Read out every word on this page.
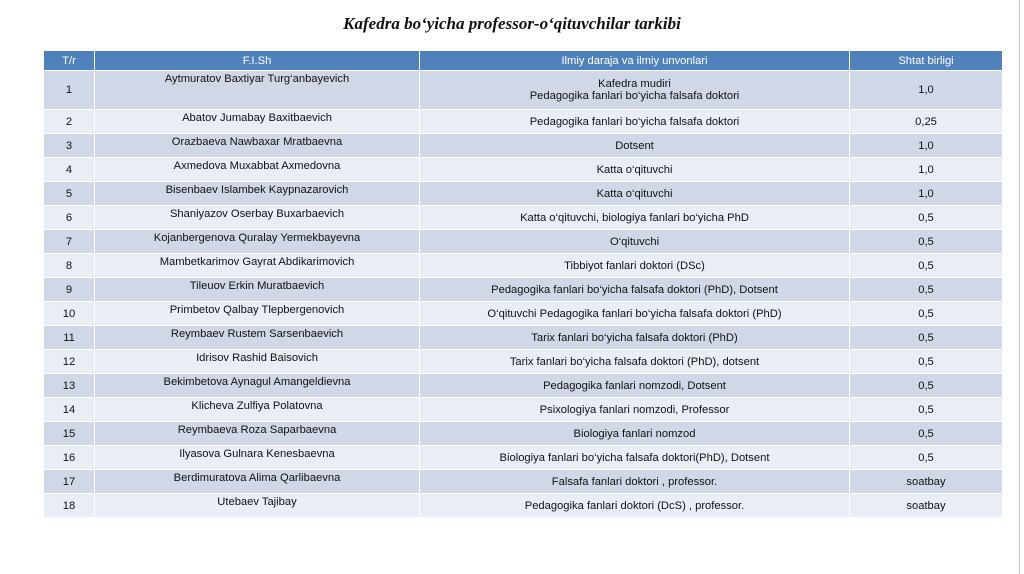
Kafedra bo‘yicha professor-o‘qituvchilar tarkibi
T/r	F.I.Sh	Ilmiy daraja va ilmiy unvonlari	Shtat birligi
1	Aytmuratov Baxtiyar Turg‘anbayevich	Kafedra mudiri
Pedagogika fanlari bo‘yicha falsafa doktori	1,0
2	Abatov Jumabay Baxitbaevich	Pedagogika fanlari bo‘yicha falsafa doktori	0,25
3	Orazbaeva Nawbaxar Mratbaevna	Dotsent	1,0
4	Axmedova Muxabbat Axmedovna	Katta o‘qituvchi	1,0
5	Bisenbaev Islambek Kaypnazarovich	Katta o‘qituvchi	1,0
6	Shaniyazov Oserbay Buxarbaevich	Katta o‘qituvchi, biologiya fanlari bo‘yicha PhD	0,5
7	Kojanbergenova Quralay Yermekbayevna	O‘qituvchi	0,5
8	Mambetkarimov Gayrat Abdikarimovich	Tibbiyot fanlari doktori (DSc)	0,5
9	Tileuov Erkin Muratbaevich	Pedagogika fanlari bo‘yicha falsafa doktori (PhD), Dotsent	0,5
10	Primbetov Qalbay Tlepbergenovich	O‘qituvchi Pedagogika fanlari bo‘yicha falsafa doktori (PhD)	0,5
11	Reymbaev Rustem Sarsenbaevich	Tarix fanlari bo‘yicha falsafa doktori (PhD)	0,5
12	Idrisov Rashid Baisovich	Tarix fanlari bo‘yicha falsafa doktori (PhD), dotsent	0,5
13	Bekimbetova Aynagul Amangeldievna	Pedagogika fanlari nomzodi, Dotsent	0,5
14	Klicheva Zulfiya Polatovna	Psixologiya fanlari nomzodi, Professor	0,5
15	Reymbaeva Roza Saparbaevna	Biologiya fanlari nomzod	0,5
16	Ilyasova Gulnara Kenesbaevna	Biologiya fanlari bo‘yicha falsafa doktori(PhD), Dotsent	0,5
17	Berdimuratova Alima Qarlibaevna	Falsafa fanlari doktori , professor.	soatbay
18	Utebaev Tajibay	Pedagogika fanlari doktori (DcS) , professor.	soatbay
